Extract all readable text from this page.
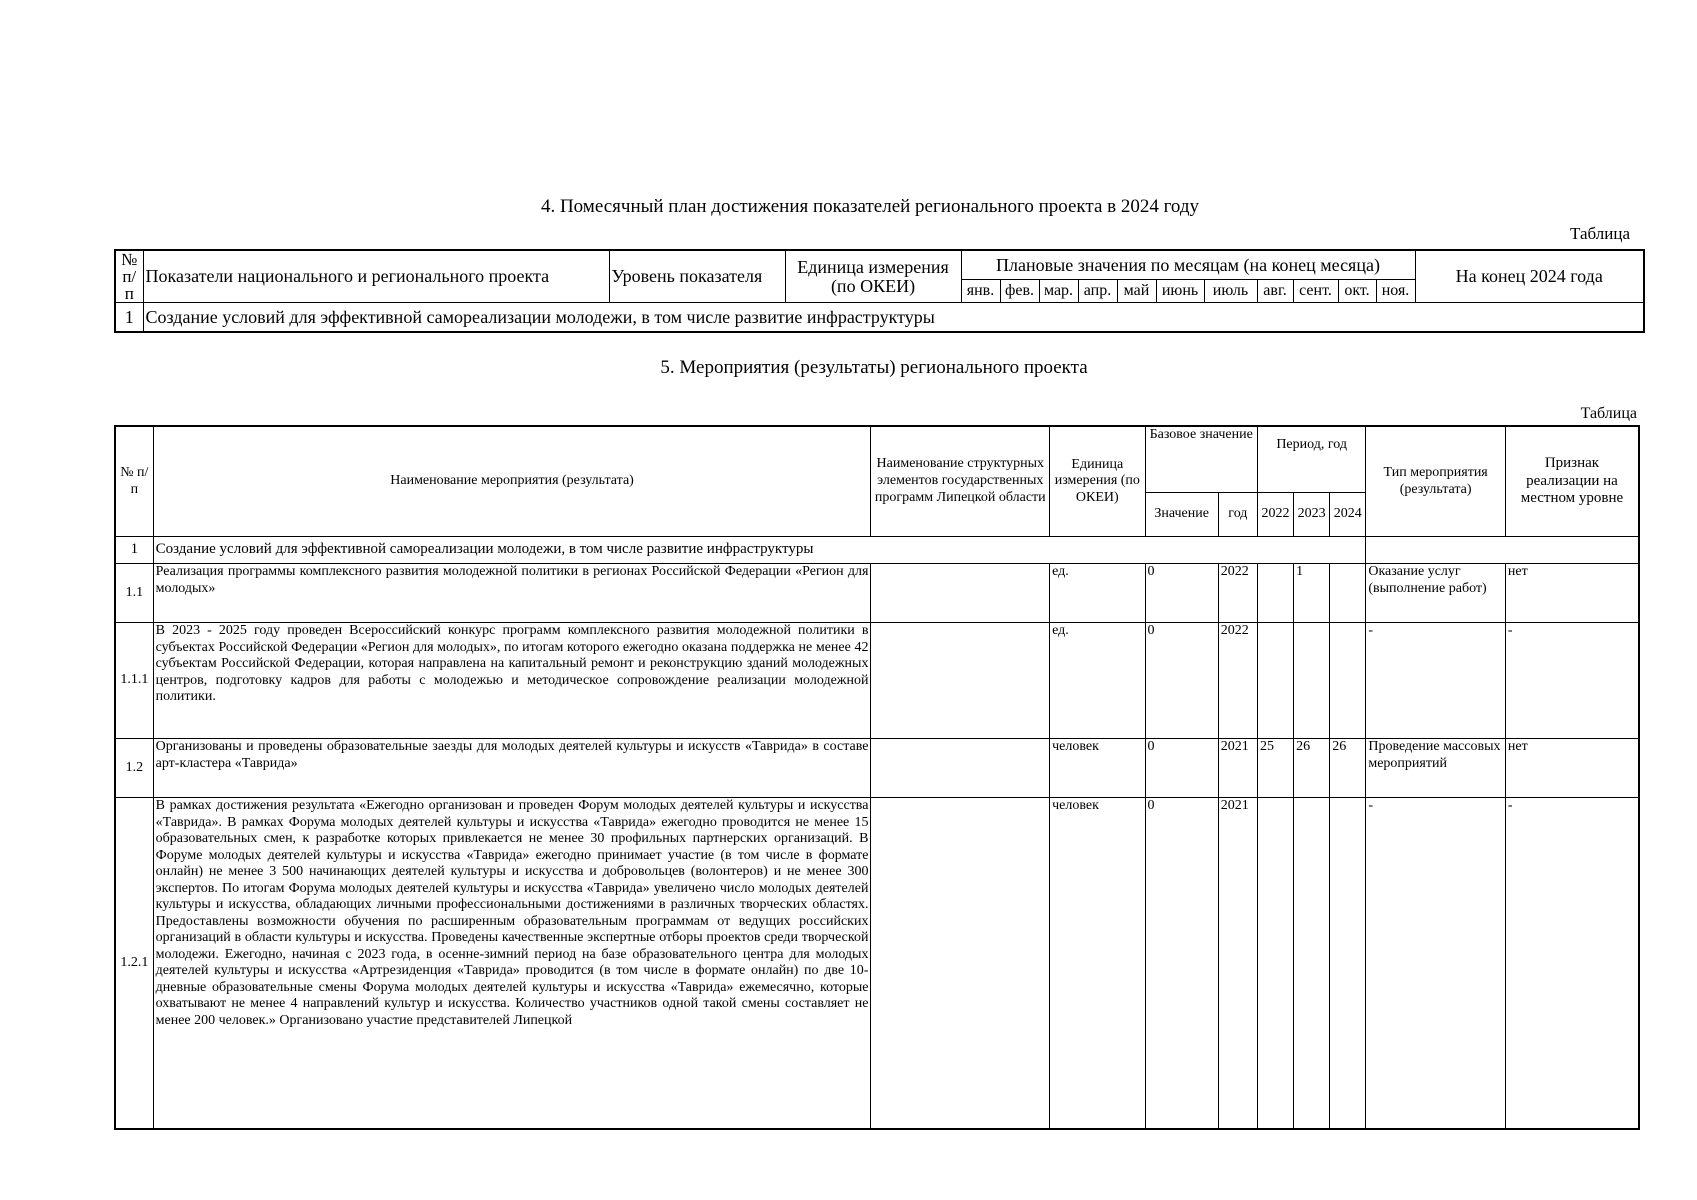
4. Помесячный план достижения показателей регионального проекта в 2024 году
Таблица
№ п/п	Показатели национального и регионального проекта	Уровень показателя	Единица измерения (по ОКЕИ)	Плановые значения по месяцам (на конец месяца)											На конец 2024 года
				янв.	фев.	мар.	апр.	май	июнь	июль	авг.	сент.	окт.	ноя.	
1	Создание условий для эффективной самореализации молодежи, в том числе развитие инфраструктуры														
5. Мероприятия (результаты) регионального проекта
Таблица
№ п/п	Наименование мероприятия (результата)	Наименование структурных элементов государственных программ Липецкой области	Единица измерения (по ОКЕИ)	Базовое значение		Период, год			Тип мероприятия (результата)	Признак реализации на местном уровне
				Значение	год	2022	2023	2024		
1	Создание условий для эффективной самореализации молодежи, в том числе развитие инфраструктуры									
1.1	Реализация программы комплексного развития молодежной политики в регионах Российской Федерации «Регион для молодых»		ед.	0	2022		1		Оказание услуг (выполнение работ)	нет
1.1.1	В 2023 - 2025 году проведен Всероссийский конкурс программ комплексного развития молодежной политики в субъектах Российской Федерации «Регион для молодых», по итогам которого ежегодно оказана поддержка не менее 42 субъектам Российской Федерации, которая направлена на капитальный ремонт и реконструкцию зданий молодежных центров, подготовку кадров для работы с молодежью и методическое сопровождение реализации молодежной политики.		ед.	0	2022				-	-
1.2	Организованы и проведены образовательные заезды для молодых деятелей культуры и искусств «Таврида» в составе арт-кластера «Таврида»		человек	0	2021	25	26	26	Проведение массовых мероприятий	нет
1.2.1	В рамках достижения результата «Ежегодно организован и проведен Форум молодых деятелей культуры и искусства «Таврида». В рамках Форума молодых деятелей культуры и искусства «Таврида» ежегодно проводится не менее 15 образовательных смен, к разработке которых привлекается не менее 30 профильных партнерских организаций. В Форуме молодых деятелей культуры и искусства «Таврида» ежегодно принимает участие (в том числе в формате онлайн) не менее 3 500 начинающих деятелей культуры и искусства и добровольцев (волонтеров) и не менее 300 экспертов. По итогам Форума молодых деятелей культуры и искусства «Таврида» увеличено число молодых деятелей культуры и искусства, обладающих личными профессиональными достижениями в различных творческих областях. Предоставлены возможности обучения по расширенным образовательным программам от ведущих российских организаций в области культуры и искусства. Проведены качественные экспертные отборы проектов среди творческой молодежи. Ежегодно, начиная с 2023 года, в осенне-зимний период на базе образовательного центра для молодых деятелей культуры и искусства «Артрезиденция «Таврида» проводится (в том числе в формате онлайн) по две 10-дневные образовательные смены Форума молодых деятелей культуры и искусства «Таврида» ежемесячно, которые охватывают не менее 4 направлений культур и искусства. Количество участников одной такой смены составляет не менее 200 человек.» Организовано участие представителей Липецкой		человек	0	2021				-	-
